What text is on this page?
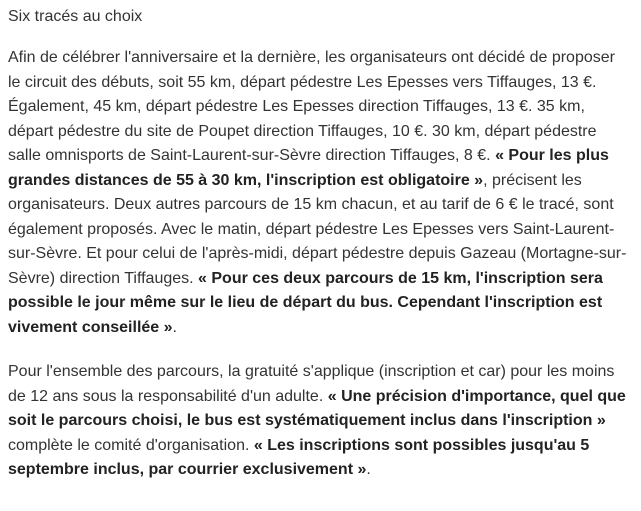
Six tracés au choix

Afin de célébrer l'anniversaire et la dernière, les organisateurs ont décidé de proposer le circuit des débuts, soit 55 km, départ pédestre Les Epesses vers Tiffauges, 13 €. Également, 45 km, départ pédestre Les Epesses direction Tiffauges, 13 €. 35 km, départ pédestre du site de Poupet direction Tiffauges, 10 €. 30 km, départ pédestre salle omnisports de Saint-Laurent-sur-Sèvre direction Tiffauges, 8 €. « Pour les plus grandes distances de 55 à 30 km, l'inscription est obligatoire », précisent les organisateurs. Deux autres parcours de 15 km chacun, et au tarif de 6 € le tracé, sont également proposés. Avec le matin, départ pédestre Les Epesses vers Saint-Laurent-sur-Sèvre. Et pour celui de l'après-midi, départ pédestre depuis Gazeau (Mortagne-sur-Sèvre) direction Tiffauges. « Pour ces deux parcours de 15 km, l'inscription sera possible le jour même sur le lieu de départ du bus. Cependant l'inscription est vivement conseillée ».

Pour l'ensemble des parcours, la gratuité s'applique (inscription et car) pour les moins de 12 ans sous la responsabilité d'un adulte. « Une précision d'importance, quel que soit le parcours choisi, le bus est systématiquement inclus dans l'inscription » complète le comité d'organisation. « Les inscriptions sont possibles jusqu'au 5 septembre inclus, par courrier exclusivement ».
